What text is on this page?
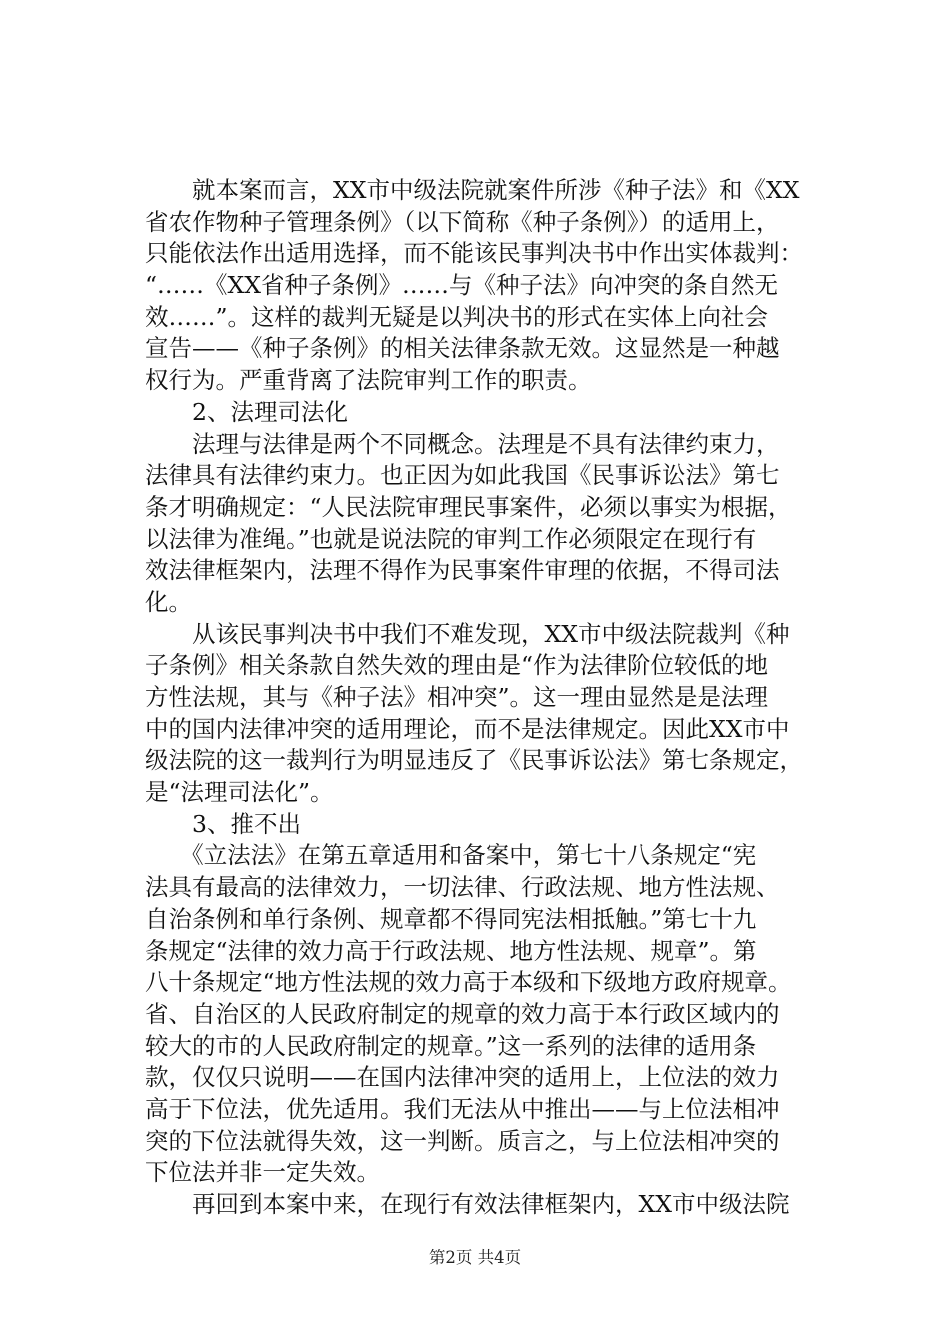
　　就本案而言，XX市中级法院就案件所涉《种子法》和《XX
省农作物种子管理条例》（以下简称《种子条例》）的适用上，
只能依法作出适用选择，而不能该民事判决书中作出实体裁判：
“……《XX省种子条例》……与《种子法》向冲突的条自然无
效……”。这样的裁判无疑是以判决书的形式在实体上向社会
宣告——《种子条例》的相关法律条款无效。这显然是一种越
权行为。严重背离了法院审判工作的职责。
　　2、法理司法化
　　法理与法律是两个不同概念。法理是不具有法律约束力，
法律具有法律约束力。也正因为如此我国《民事诉讼法》第七
条才明确规定：“人民法院审理民事案件，必须以事实为根据，
以法律为准绳。”也就是说法院的审判工作必须限定在现行有
效法律框架内，法理不得作为民事案件审理的依据，不得司法
化。
　　从该民事判决书中我们不难发现，XX市中级法院裁判《种
子条例》相关条款自然失效的理由是“作为法律阶位较低的地
方性法规，其与《种子法》相冲突”。这一理由显然是是法理
中的国内法律冲突的适用理论，而不是法律规定。因此XX市中
级法院的这一裁判行为明显违反了《民事诉讼法》第七条规定，
是“法理司法化”。
　　3、推不出
　　《立法法》在第五章适用和备案中，第七十八条规定“宪
法具有最高的法律效力，一切法律、行政法规、地方性法规、
自治条例和单行条例、规章都不得同宪法相抵触。”第七十九
条规定“法律的效力高于行政法规、地方性法规、规章”。第
八十条规定“地方性法规的效力高于本级和下级地方政府规章。
省、自治区的人民政府制定的规章的效力高于本行政区域内的
较大的市的人民政府制定的规章。”这一系列的法律的适用条
款，仅仅只说明——在国内法律冲突的适用上，上位法的效力
高于下位法，优先适用。我们无法从中推出——与上位法相冲
突的下位法就得失效，这一判断。质言之，与上位法相冲突的
下位法并非一定失效。
　　再回到本案中来，在现行有效法律框架内，XX市中级法院
第2页 共4页
